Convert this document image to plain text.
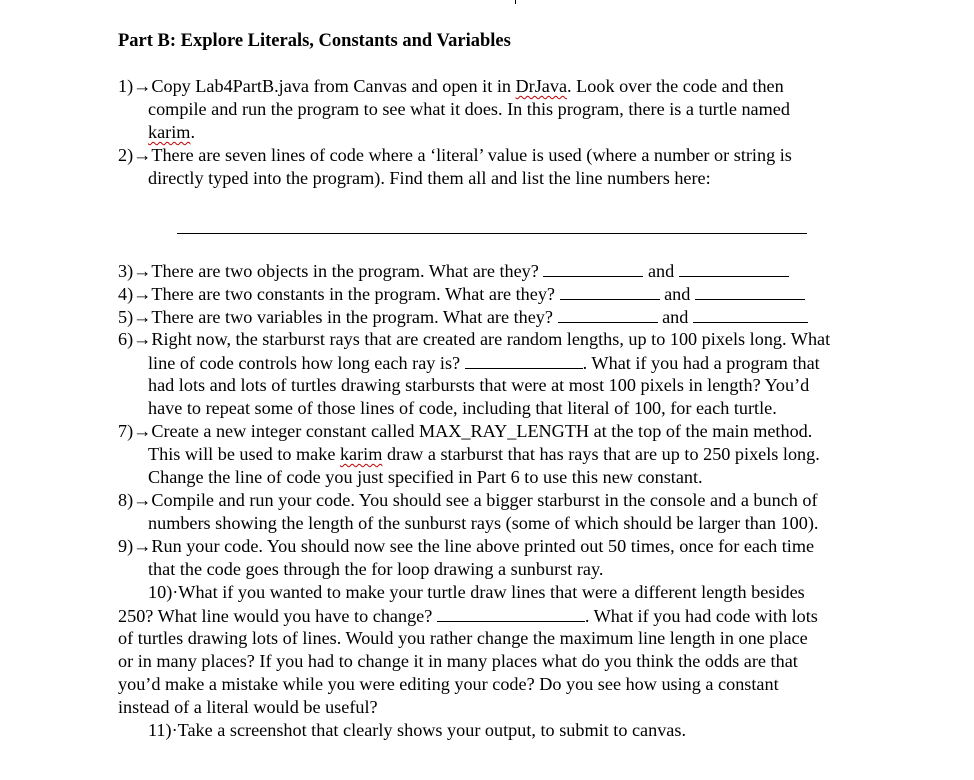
Part B: Explore Literals, Constants and Variables
1)→Copy Lab4PartB.java from Canvas and open it in DrJava. Look over the code and then
compile and run the program to see what it does. In this program, there is a turtle named
karim.
2)→There are seven lines of code where a ‘literal’ value is used (where a number or string is
directly typed into the program). Find them all and list the line numbers here:
3)→There are two objects in the program. What are they?	and
4)→There are two constants in the program. What are they?	and
5)→There are two variables in the program. What are they?	and
6)→Right now, the starburst rays that are created are random lengths, up to 100 pixels long. What
line of code controls how long each ray is?	. What if you had a program that
had lots and lots of turtles drawing starbursts that were at most 100 pixels in length? You’d
have to repeat some of those lines of code, including that literal of 100, for each turtle.
7)→Create a new integer constant called MAX_RAY_LENGTH at the top of the main method.
This will be used to make karim draw a starburst that has rays that are up to 250 pixels long.
Change the line of code you just specified in Part 6 to use this new constant.
8)→Compile and run your code. You should see a bigger starburst in the console and a bunch of
numbers showing the length of the sunburst rays (some of which should be larger than 100).
9)→Run your code. You should now see the line above printed out 50 times, once for each time
that the code goes through the for loop drawing a sunburst ray.
10)·What if you wanted to make your turtle draw lines that were a different length besides
250? What line would you have to change?	. What if you had code with lots
of turtles drawing lots of lines. Would you rather change the maximum line length in one place
or in many places? If you had to change it in many places what do you think the odds are that
you’d make a mistake while you were editing your code? Do you see how using a constant
instead of a literal would be useful?
11)·Take a screenshot that clearly shows your output, to submit to canvas.
